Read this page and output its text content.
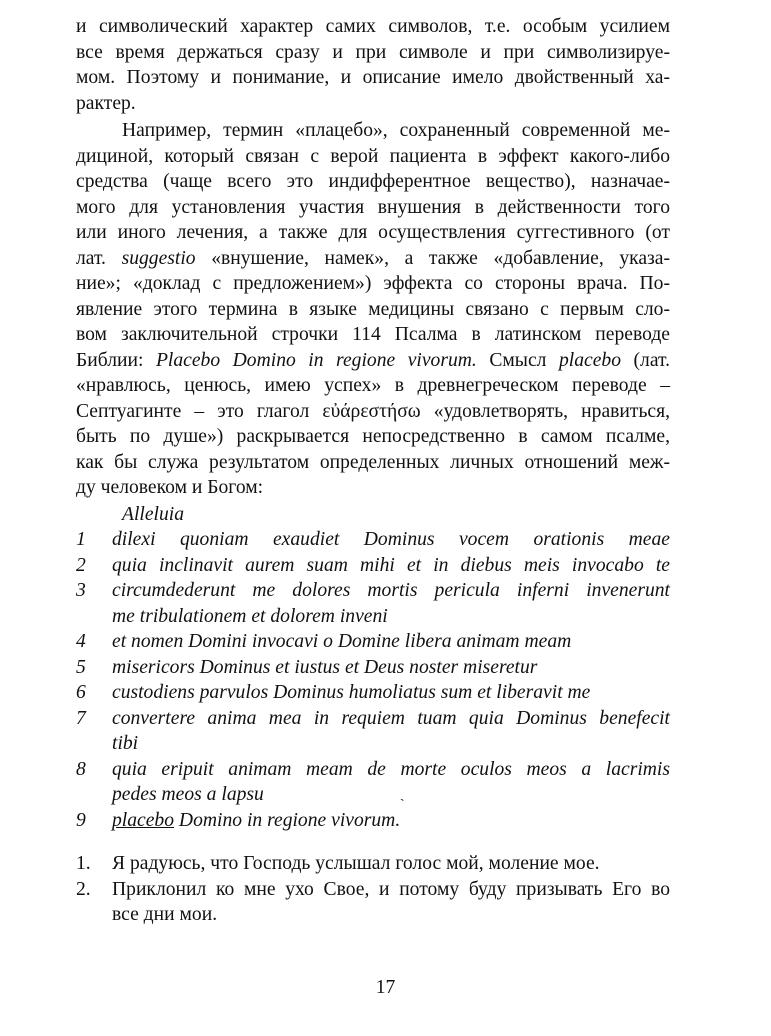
и символический характер самих символов, т.е. особым усилием
все время держаться сразу и при символе и при символизируе-
мом. Поэтому и понимание, и описание имело двойственный ха-
рактер.
Например, термин «плацебо», сохраненный современной ме-
дициной, который связан с верой пациента в эффект какого-либо
средства (чаще всего это индифферентное вещество), назначае-
мого для установления участия внушения в действенности того
или иного лечения, а также для осуществления суггестивного (от
лат. suggestio «внушение, намек», а также «добавление, указа-
ние»; «доклад с предложением») эффекта со стороны врача. По-
явление этого термина в языке медицины связано с первым сло-
вом заключительной строчки 114 Псалма в латинском переводе
Библии: Placebo Domino in regione vivorum. Смысл placebo (лат.
«нравлюсь, ценюсь, имею успех» в древнегреческом переводе –
Септуагинте – это глагол εὐάρεστήσω «удовлетворять, нравиться,
быть по душе») раскрывается непосредственно в самом псалме,
как бы служа результатом определенных личных отношений меж-
ду человеком и Богом:
Alleluia
1	dilexi quoniam exaudiet Dominus vocem orationis meae
2	quia inclinavit aurem suam mihi et in diebus meis invocabo te
3	circumdederunt me dolores mortis pericula inferni invenerunt
me tribulationem et dolorem inveni
4	et nomen Domini invocavi o Domine libera animam meam
5	misericors Dominus et iustus et Deus noster miseretur
6	custodiens parvulos Dominus humoliatus sum et liberavit me
7	convertere anima mea in requiem tuam quia Dominus benefecit
tibi
8	quia eripuit animam meam de morte oculos meos a lacrimis
pedes meos a lapsu	ˎ
9	placebo Domino in regione vivorum.
1.	Я радуюсь, что Господь услышал голос мой, моление мое.
2.	Приклонил ко мне ухо Свое, и потому буду призывать Его во
все дни мои.
17
